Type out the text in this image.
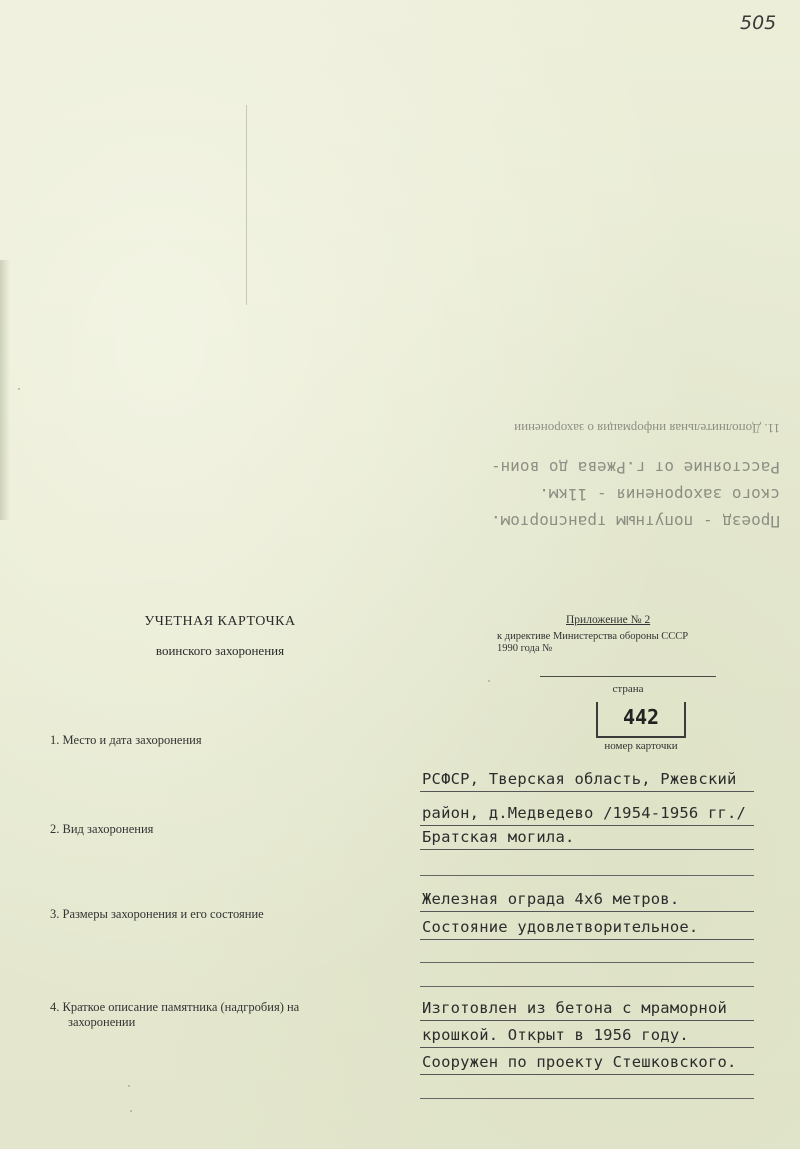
505
Проезд - попутным транспортом.
ского захоронения - 11км.
Расстояние от г.Ржева до воин-
11. Дополнительная информация о захоронении
УЧЕТНАЯ КАРТОЧКА
воинского захоронения
Приложение № 2
к директиве Министерства обороны СССР
1990 года №
страна
442
номер карточки
1. Место и дата захоронения
РСФСР, Тверская область, Ржевский
район, д.Медведево /1954-1956 гг./
2. Вид захоронения	Братская могила.
3. Размеры захоронения и его состояние
Железная ограда 4х6 метров.
Состояние удовлетворительное.
4. Краткое описание памятника (надгробия) на
захоронении
Изготовлен из бетона с мраморной
крошкой. Открыт в 1956 году.
Сооружен по проекту Стешковского.
